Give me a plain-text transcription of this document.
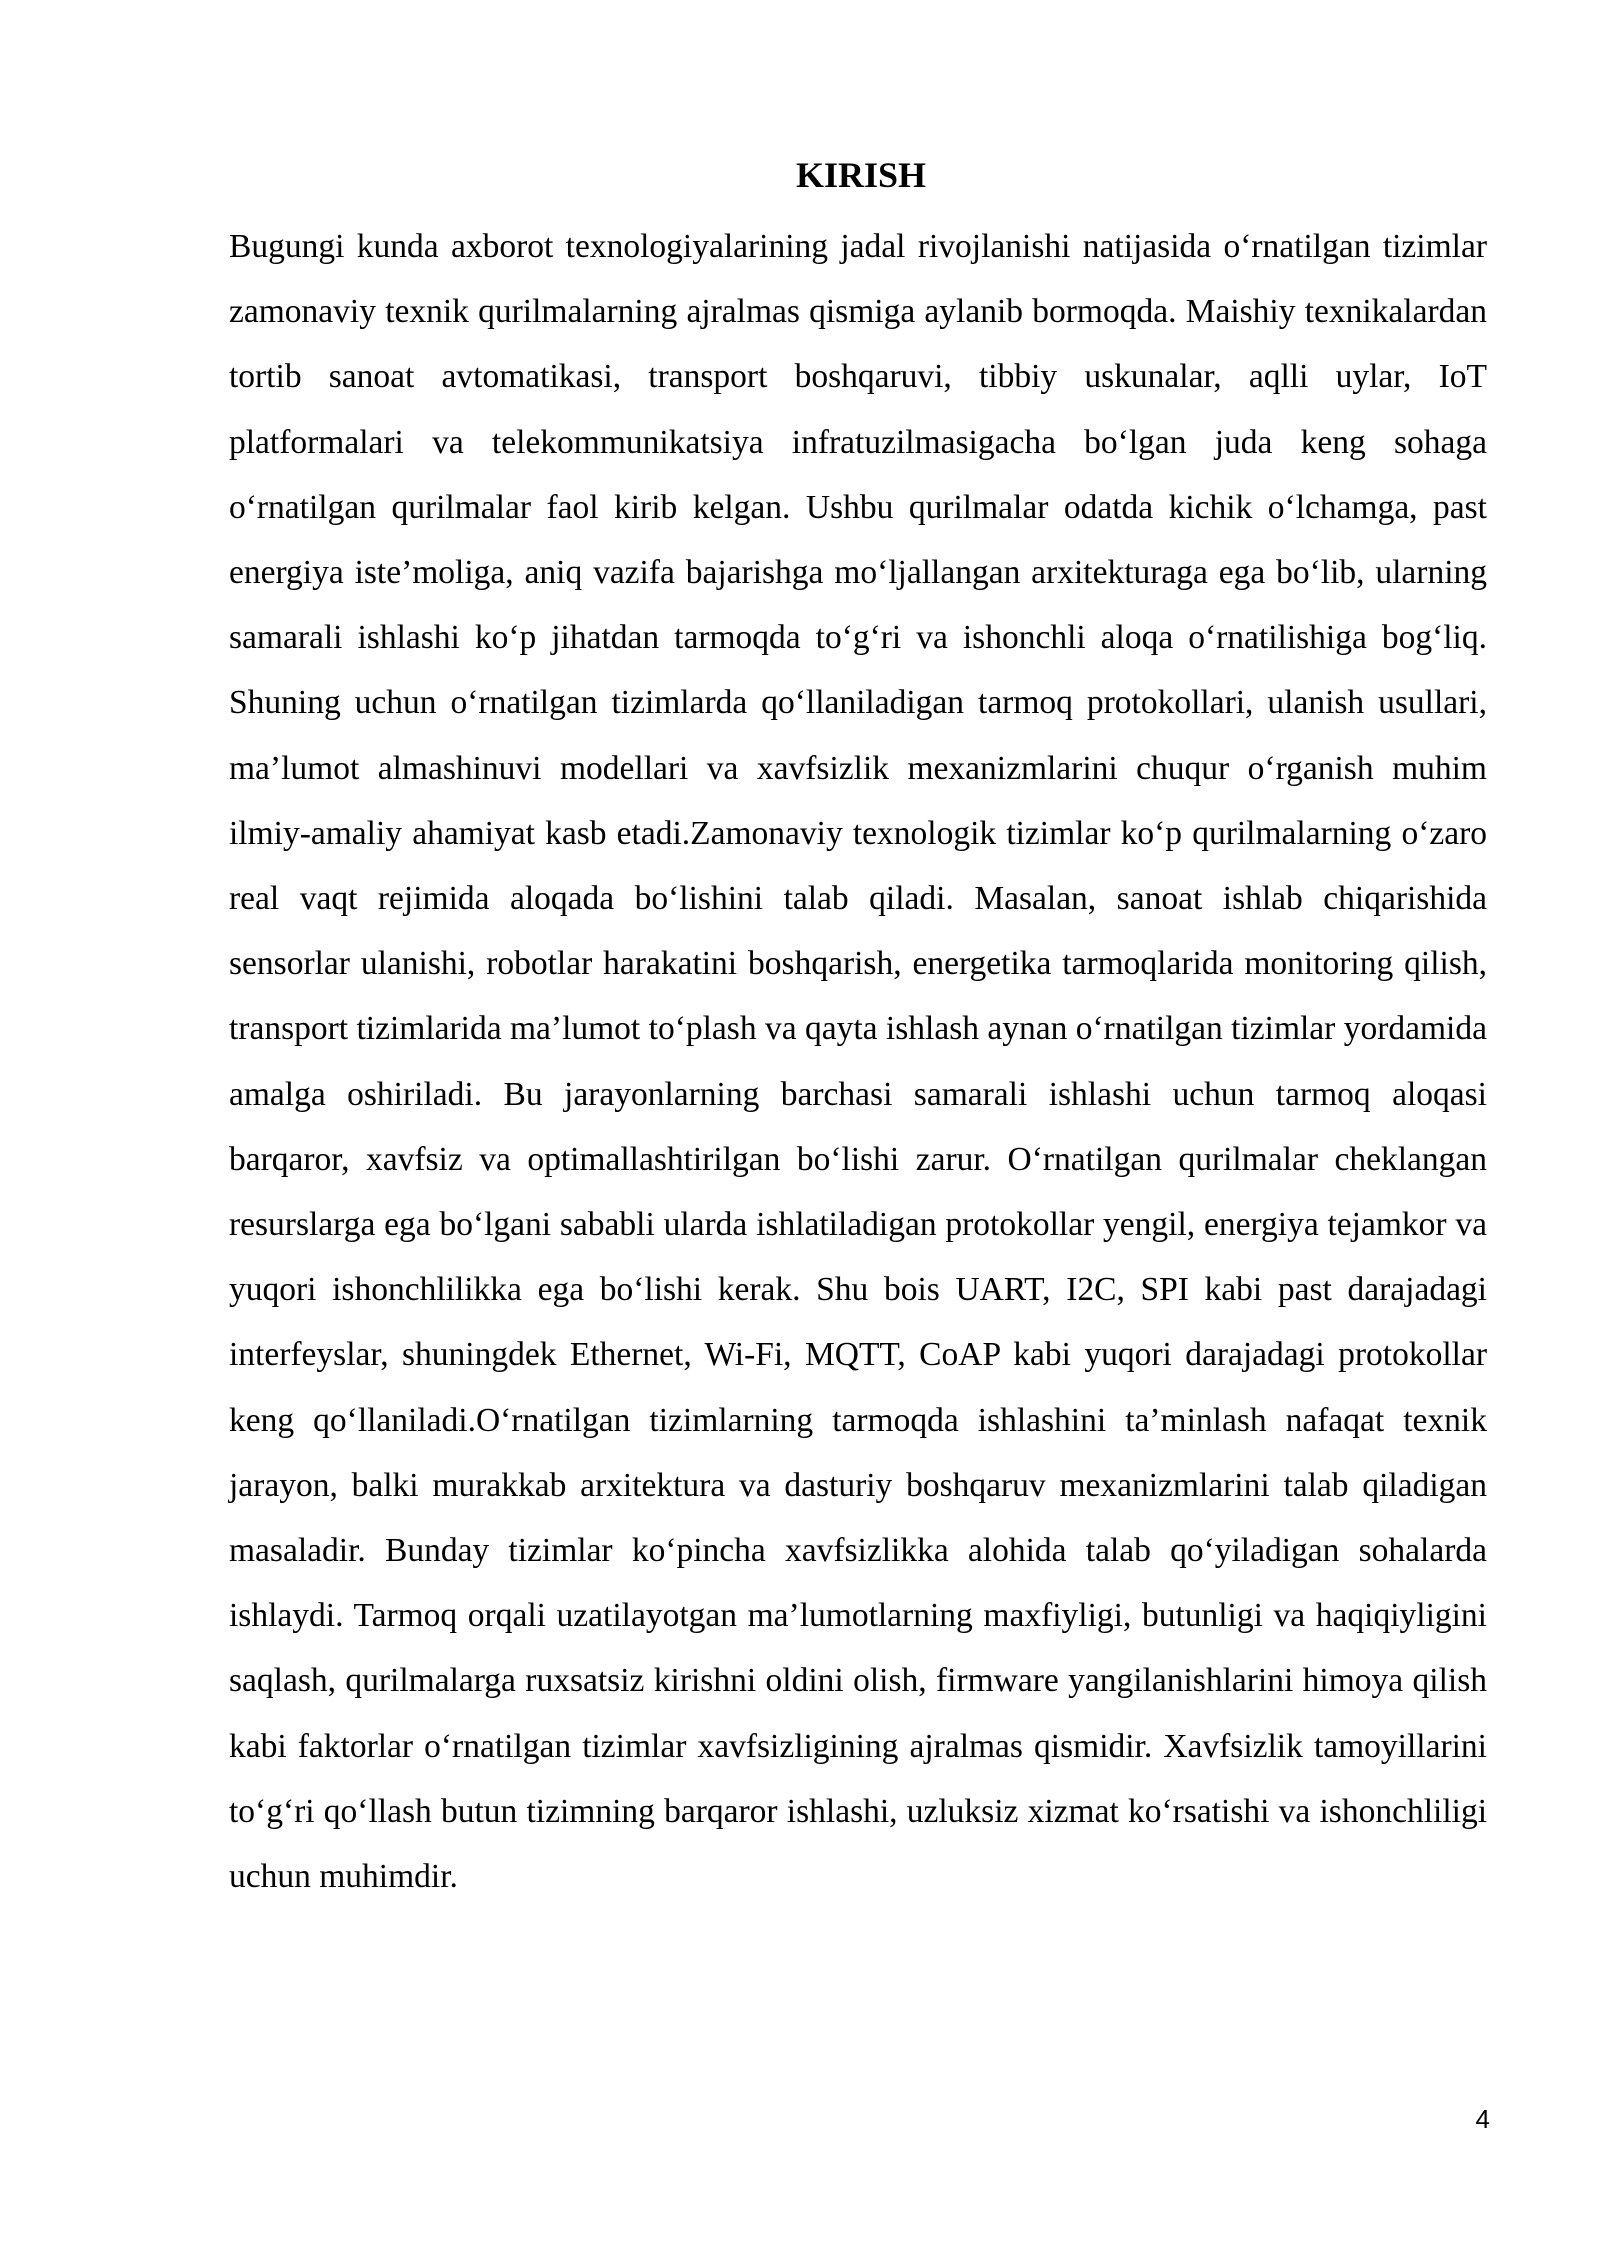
KIRISH

Bugungi kunda axborot texnologiyalarining jadal rivojlanishi natijasida o‘rnatilgan tizimlar zamonaviy texnik qurilmalarning ajralmas qismiga aylanib bormoqda. Maishiy texnikalardan tortib sanoat avtomatikasi, transport boshqaruvi, tibbiy uskunalar, aqlli uylar, IoT platformalari va telekommunikatsiya infratuzilmasigacha bo‘lgan juda keng sohaga o‘rnatilgan qurilmalar faol kirib kelgan. Ushbu qurilmalar odatda kichik o‘lchamga, past energiya iste’moliga, aniq vazifa bajarishga mo‘ljallangan arxitekturaga ega bo‘lib, ularning samarali ishlashi ko‘p jihatdan tarmoqda to‘g‘ri va ishonchli aloqa o‘rnatilishiga bog‘liq. Shuning uchun o‘rnatilgan tizimlarda qo‘llaniladigan tarmoq protokollari, ulanish usullari, ma’lumot almashinuvi modellari va xavfsizlik mexanizmlarini chuqur o‘rganish muhim ilmiy-amaliy ahamiyat kasb etadi.Zamonaviy texnologik tizimlar ko‘p qurilmalarning o‘zaro real vaqt rejimida aloqada bo‘lishini talab qiladi. Masalan, sanoat ishlab chiqarishida sensorlar ulanishi, robotlar harakatini boshqarish, energetika tarmoqlarida monitoring qilish, transport tizimlarida ma’lumot to‘plash va qayta ishlash aynan o‘rnatilgan tizimlar yordamida amalga oshiriladi. Bu jarayonlarning barchasi samarali ishlashi uchun tarmoq aloqasi barqaror, xavfsiz va optimallashtirilgan bo‘lishi zarur. O‘rnatilgan qurilmalar cheklangan resurslarga ega bo‘lgani sababli ularda ishlatiladigan protokollar yengil, energiya tejamkor va yuqori ishonchlilikka ega bo‘lishi kerak. Shu bois UART, I2C, SPI kabi past darajadagi interfeyslar, shuningdek Ethernet, Wi-Fi, MQTT, CoAP kabi yuqori darajadagi protokollar keng qo‘llaniladi.O‘rnatilgan tizimlarning tarmoqda ishlashini ta’minlash nafaqat texnik jarayon, balki murakkab arxitektura va dasturiy boshqaruv mexanizmlarini talab qiladigan masaladir. Bunday tizimlar ko‘pincha xavfsizlikka alohida talab qo‘yiladigan sohalarda ishlaydi. Tarmoq orqali uzatilayotgan ma’lumotlarning maxfiyligi, butunligi va haqiqiyligini saqlash, qurilmalarga ruxsatsiz kirishni oldini olish, firmware yangilanishlarini himoya qilish kabi faktorlar o‘rnatilgan tizimlar xavfsizligining ajralmas qismidir. Xavfsizlik tamoyillarini to‘g‘ri qo‘llash butun tizimning barqaror ishlashi, uzluksiz xizmat ko‘rsatishi va ishonchliligi uchun muhimdir.

4
